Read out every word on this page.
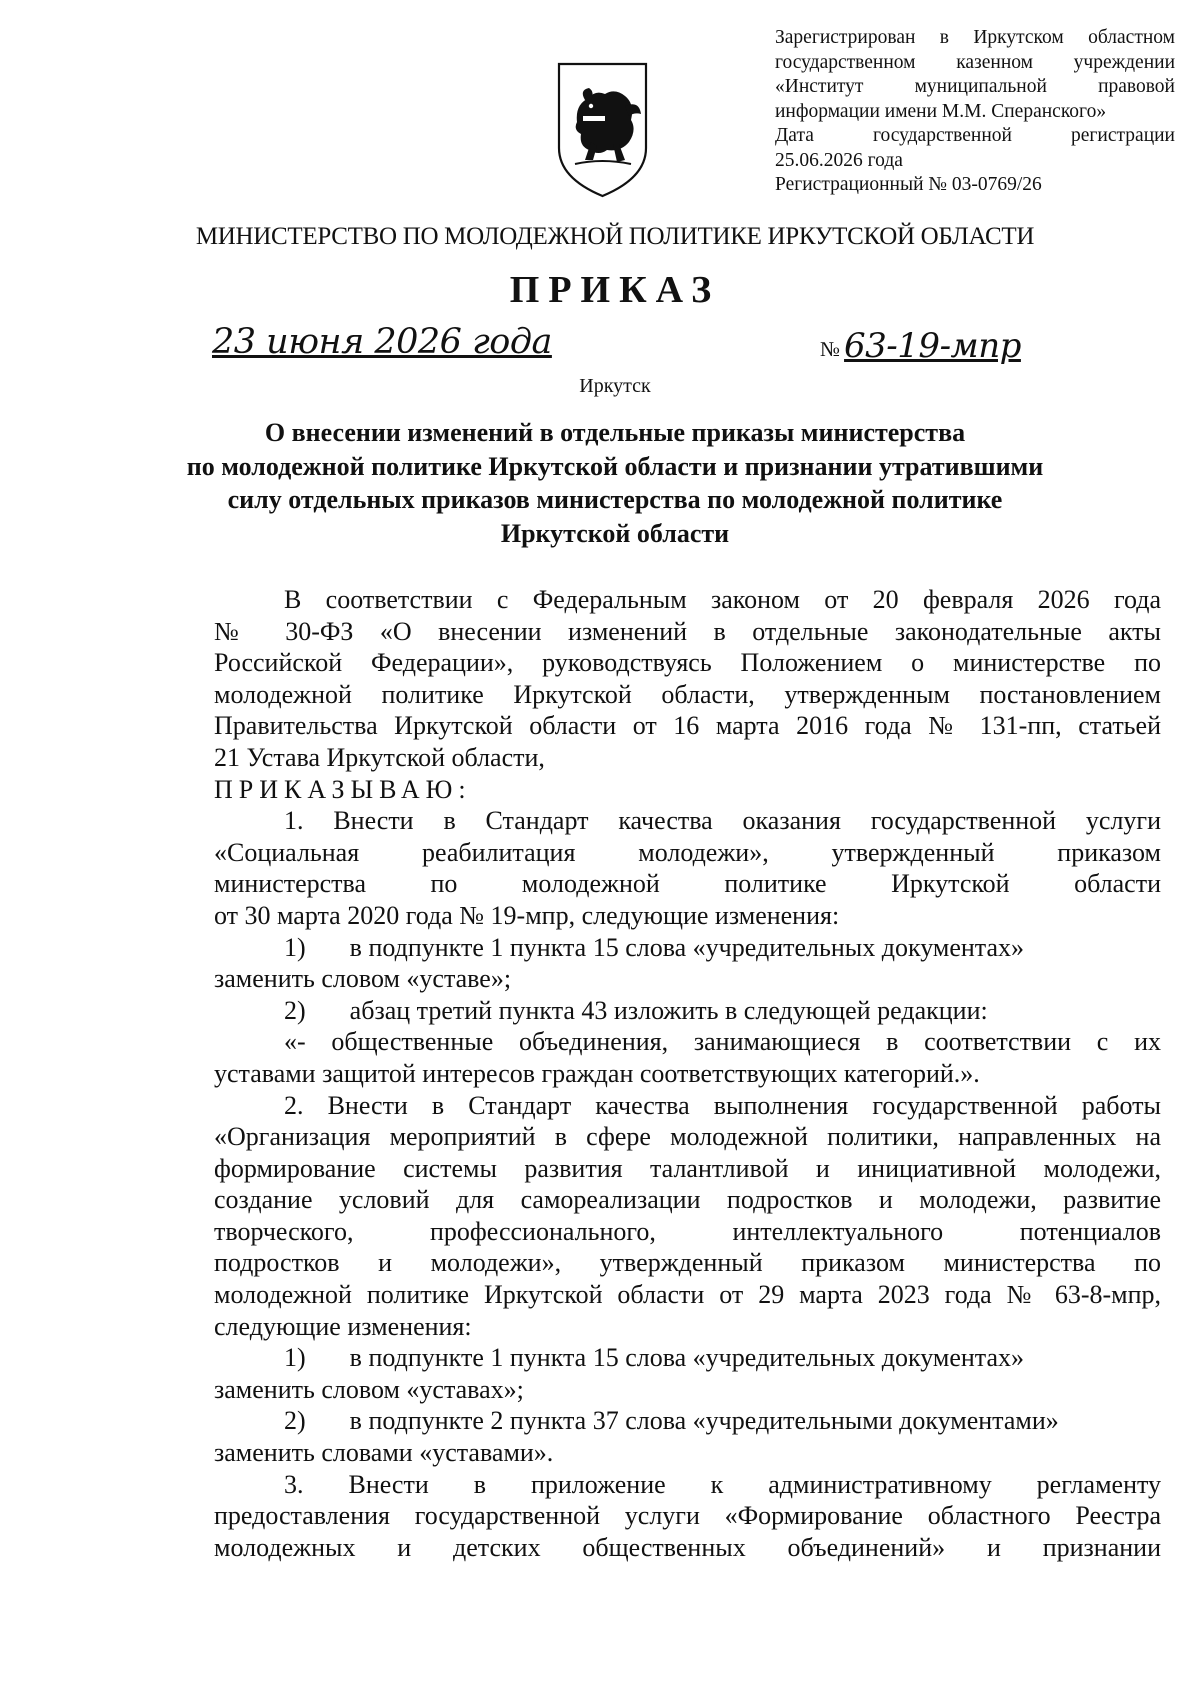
Зарегистрирован в Иркутском областном
государственном казенном учреждении
«Институт муниципальной правовой
информации имени М.М. Сперанского»
Дата государственной регистрации
25.06.2026 года
Регистрационный № 03-0769/26
МИНИСТЕРСТВО ПО МОЛОДЕЖНОЙ ПОЛИТИКЕ ИРКУТСКОЙ ОБЛАСТИ
ПРИКАЗ
23 июня 2026 года	№ 63-19-мпр
Иркутск
О внесении изменений в отдельные приказы министерства
по молодежной политике Иркутской области и признании утратившими
силу отдельных приказов министерства по молодежной политике
Иркутской области
В соответствии с Федеральным законом от 20 февраля 2026 года
№ 30-ФЗ «О внесении изменений в отдельные законодательные акты
Российской Федерации», руководствуясь Положением о министерстве по
молодежной политике Иркутской области, утвержденным постановлением
Правительства Иркутской области от 16 марта 2016 года № 131-пп, статьей
21 Устава Иркутской области,
ПРИКАЗЫВАЮ:
1. Внести в Стандарт качества оказания государственной услуги
«Социальная реабилитация молодежи», утвержденный приказом
министерства по молодежной политике Иркутской области
от 30 марта 2020 года № 19-мпр, следующие изменения:
1) в подпункте 1 пункта 15 слова «учредительных документах»
заменить словом «уставе»;
2) абзац третий пункта 43 изложить в следующей редакции:
«- общественные объединения, занимающиеся в соответствии с их
уставами защитой интересов граждан соответствующих категорий.».
2. Внести в Стандарт качества выполнения государственной работы
«Организация мероприятий в сфере молодежной политики, направленных на
формирование системы развития талантливой и инициативной молодежи,
создание условий для самореализации подростков и молодежи, развитие
творческого, профессионального, интеллектуального потенциалов
подростков и молодежи», утвержденный приказом министерства по
молодежной политике Иркутской области от 29 марта 2023 года № 63-8-мпр,
следующие изменения:
1) в подпункте 1 пункта 15 слова «учредительных документах»
заменить словом «уставах»;
2) в подпункте 2 пункта 37 слова «учредительными документами»
заменить словами «уставами».
3. Внести в приложение к административному регламенту
предоставления государственной услуги «Формирование областного Реестра
молодежных и детских общественных объединений» и признании
